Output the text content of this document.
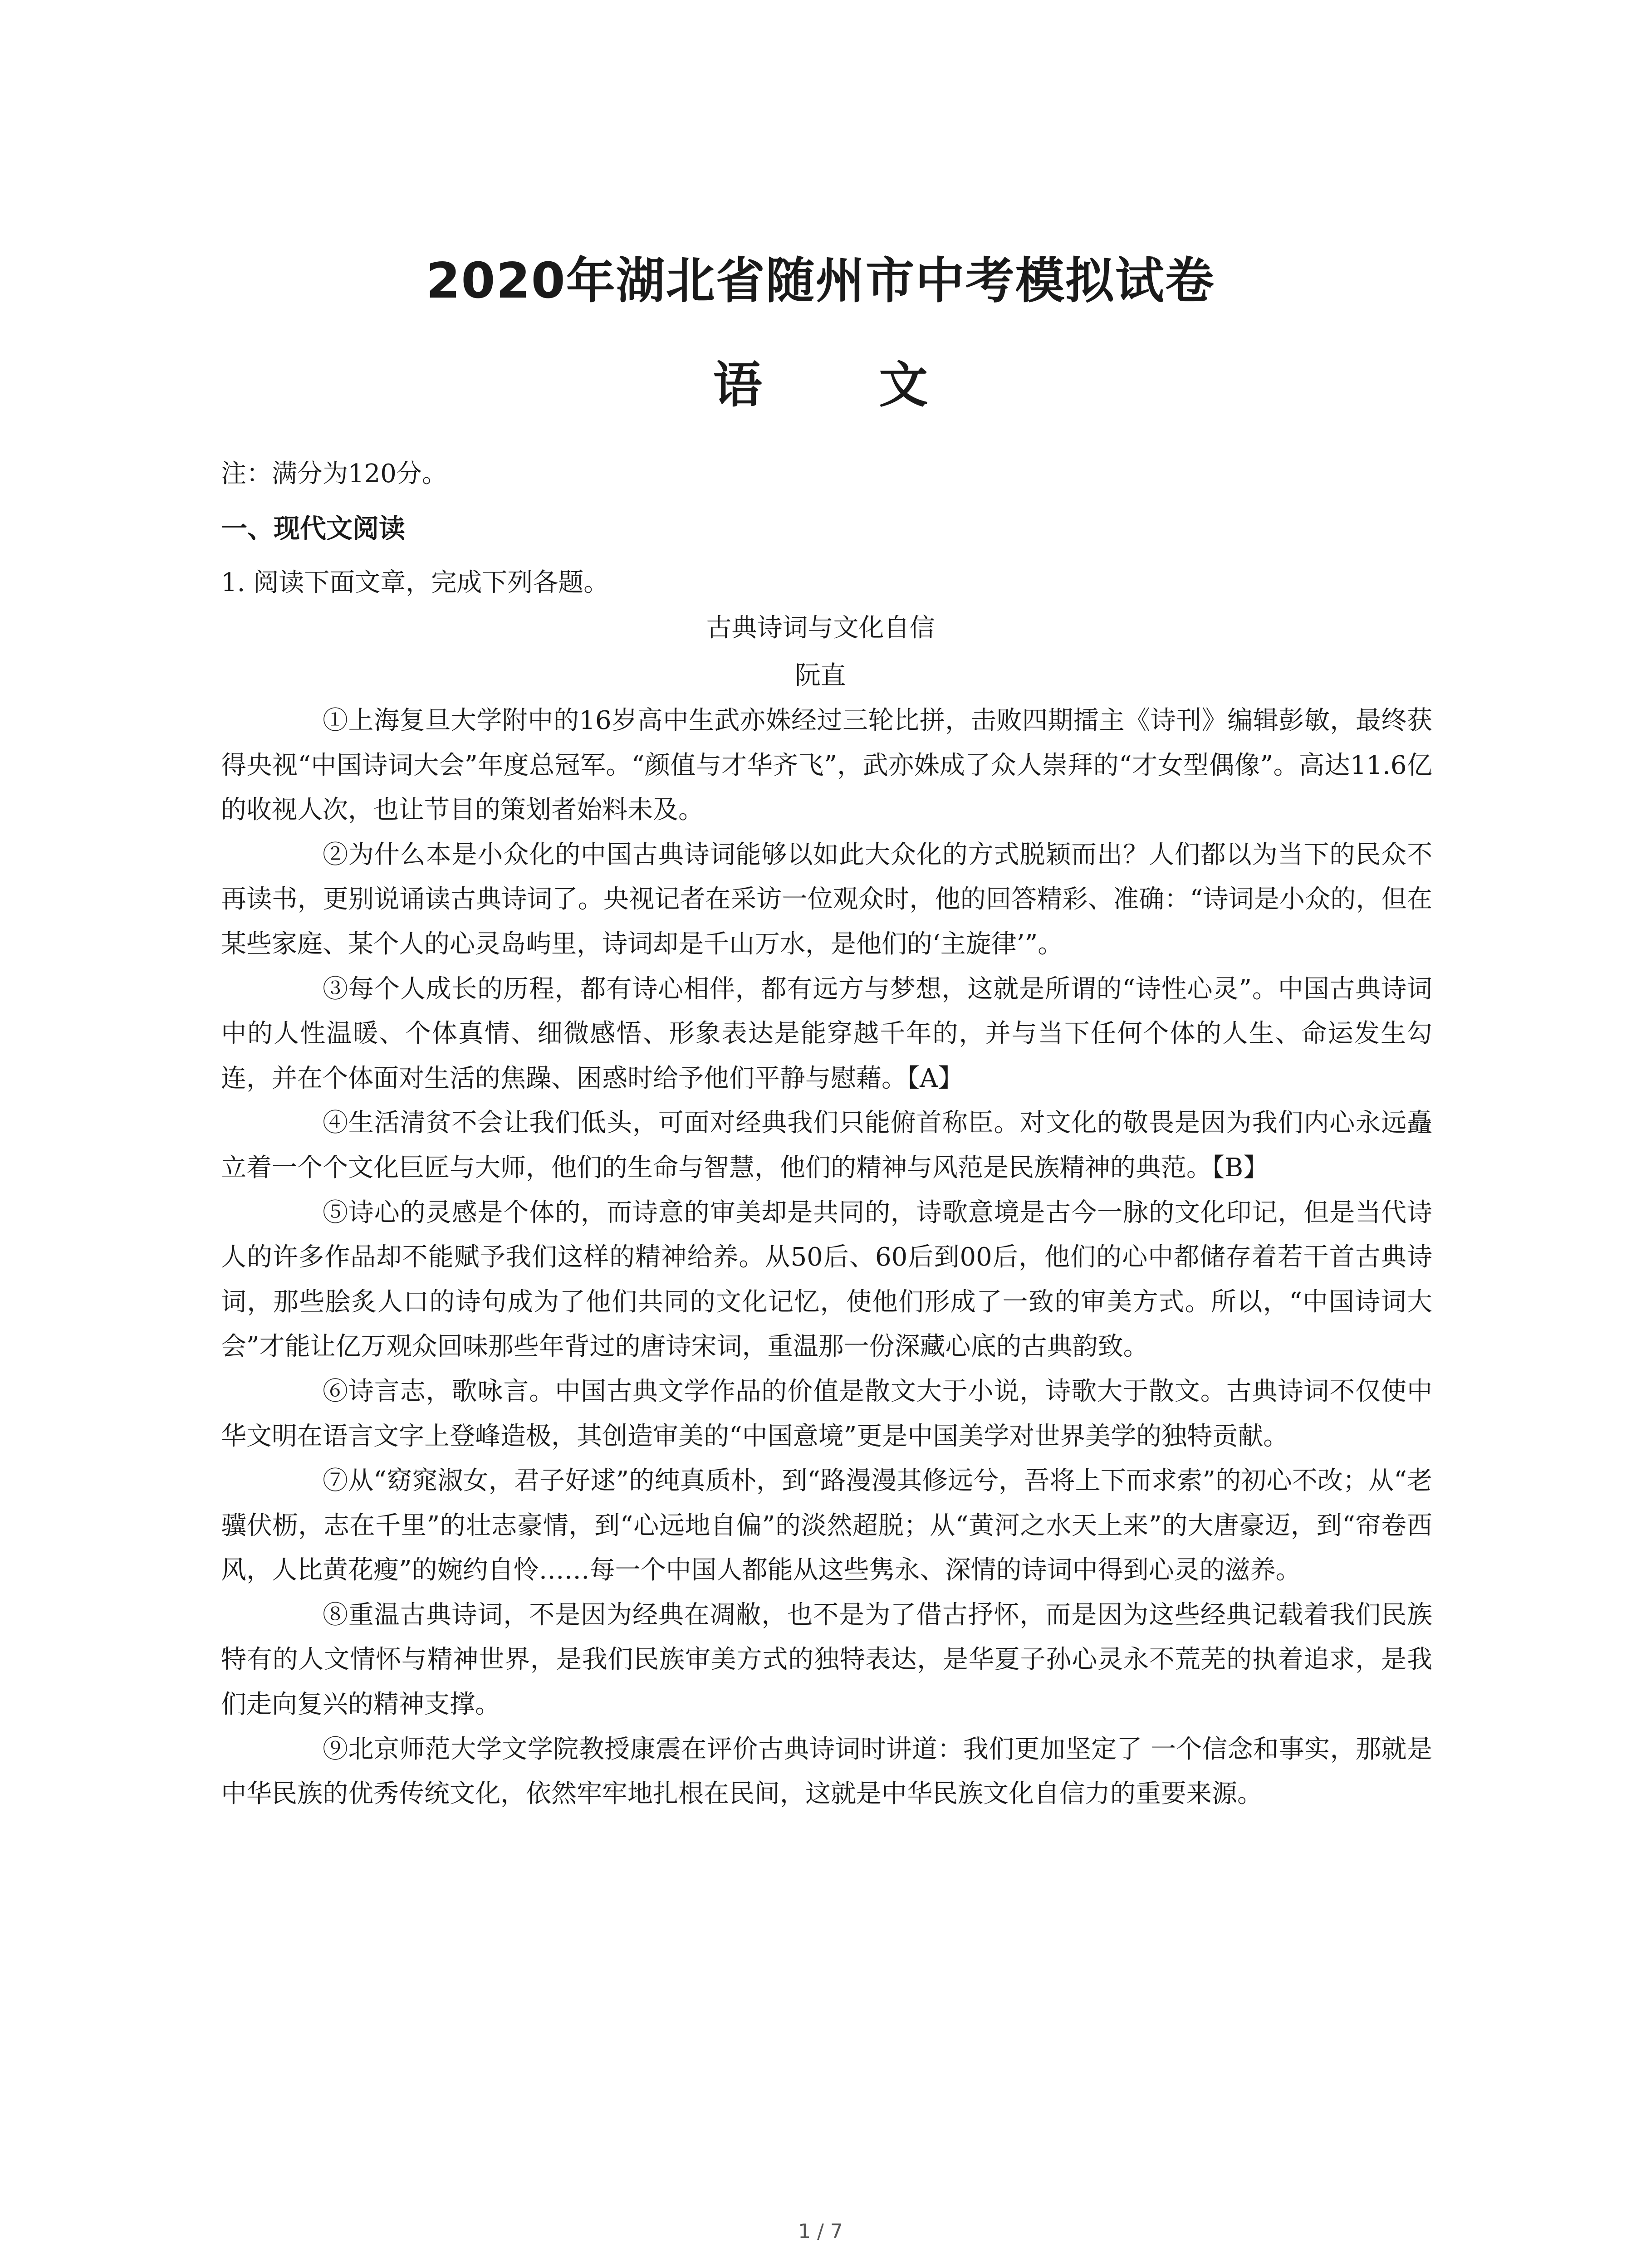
2020年湖北省随州市中考模拟试卷
语 文
注：满分为120分。
一、现代文阅读
1. 阅读下面文章，完成下列各题。
古典诗词与文化自信
阮直

①上海复旦大学附中的16岁高中生武亦姝经过三轮比拼，击败四期擂主《诗刊》编辑彭敏，最终获得央视“中国诗词大会”年度总冠军。“颜值与才华齐飞”，武亦姝成了众人崇拜的“才女型偶像”。高达11.6亿的收视人次，也让节目的策划者始料未及。

②为什么本是小众化的中国古典诗词能够以如此大众化的方式脱颖而出？人们都以为当下的民众不再读书，更别说诵读古典诗词了。央视记者在采访一位观众时，他的回答精彩、准确：“诗词是小众的，但在某些家庭、某个人的心灵岛屿里，诗词却是千山万水，是他们的‘主旋律’”。

③每个人成长的历程，都有诗心相伴，都有远方与梦想，这就是所谓的“诗性心灵”。中国古典诗词中的人性温暖、个体真情、细微感悟、形象表达是能穿越千年的，并与当下任何个体的人生、命运发生勾连，并在个体面对生活的焦躁、困惑时给予他们平静与慰藉。【A】

④生活清贫不会让我们低头，可面对经典我们只能俯首称臣。对文化的敬畏是因为我们内心永远矗立着一个个文化巨匠与大师，他们的生命与智慧，他们的精神与风范是民族精神的典范。【B】

⑤诗心的灵感是个体的，而诗意的审美却是共同的，诗歌意境是古今一脉的文化印记，但是当代诗人的许多作品却不能赋予我们这样的精神给养。从50后、60后到00后，他们的心中都储存着若干首古典诗词，那些脍炙人口的诗句成为了他们共同的文化记忆，使他们形成了一致的审美方式。所以，“中国诗词大会”才能让亿万观众回味那些年背过的唐诗宋词，重温那一份深藏心底的古典韵致。

⑥诗言志，歌咏言。中国古典文学作品的价值是散文大于小说，诗歌大于散文。古典诗词不仅使中华文明在语言文字上登峰造极，其创造审美的“中国意境”更是中国美学对世界美学的独特贡献。

⑦从“窈窕淑女，君子好逑”的纯真质朴，到“路漫漫其修远兮，吾将上下而求索”的初心不改；从“老骥伏枥，志在千里”的壮志豪情，到“心远地自偏”的淡然超脱；从“黄河之水天上来”的大唐豪迈，到“帘卷西风，人比黄花瘦”的婉约自怜……每一个中国人都能从这些隽永、深情的诗词中得到心灵的滋养。

⑧重温古典诗词，不是因为经典在凋敝，也不是为了借古抒怀，而是因为这些经典记载着我们民族特有的人文情怀与精神世界，是我们民族审美方式的独特表达，是华夏子孙心灵永不荒芜的执着追求，是我们走向复兴的精神支撑。

⑨北京师范大学文学院教授康震在评价古典诗词时讲道：我们更加坚定了 一个信念和事实，那就是中华民族的优秀传统文化，依然牢牢地扎根在民间，这就是中华民族文化自信力的重要来源。

1 / 7
